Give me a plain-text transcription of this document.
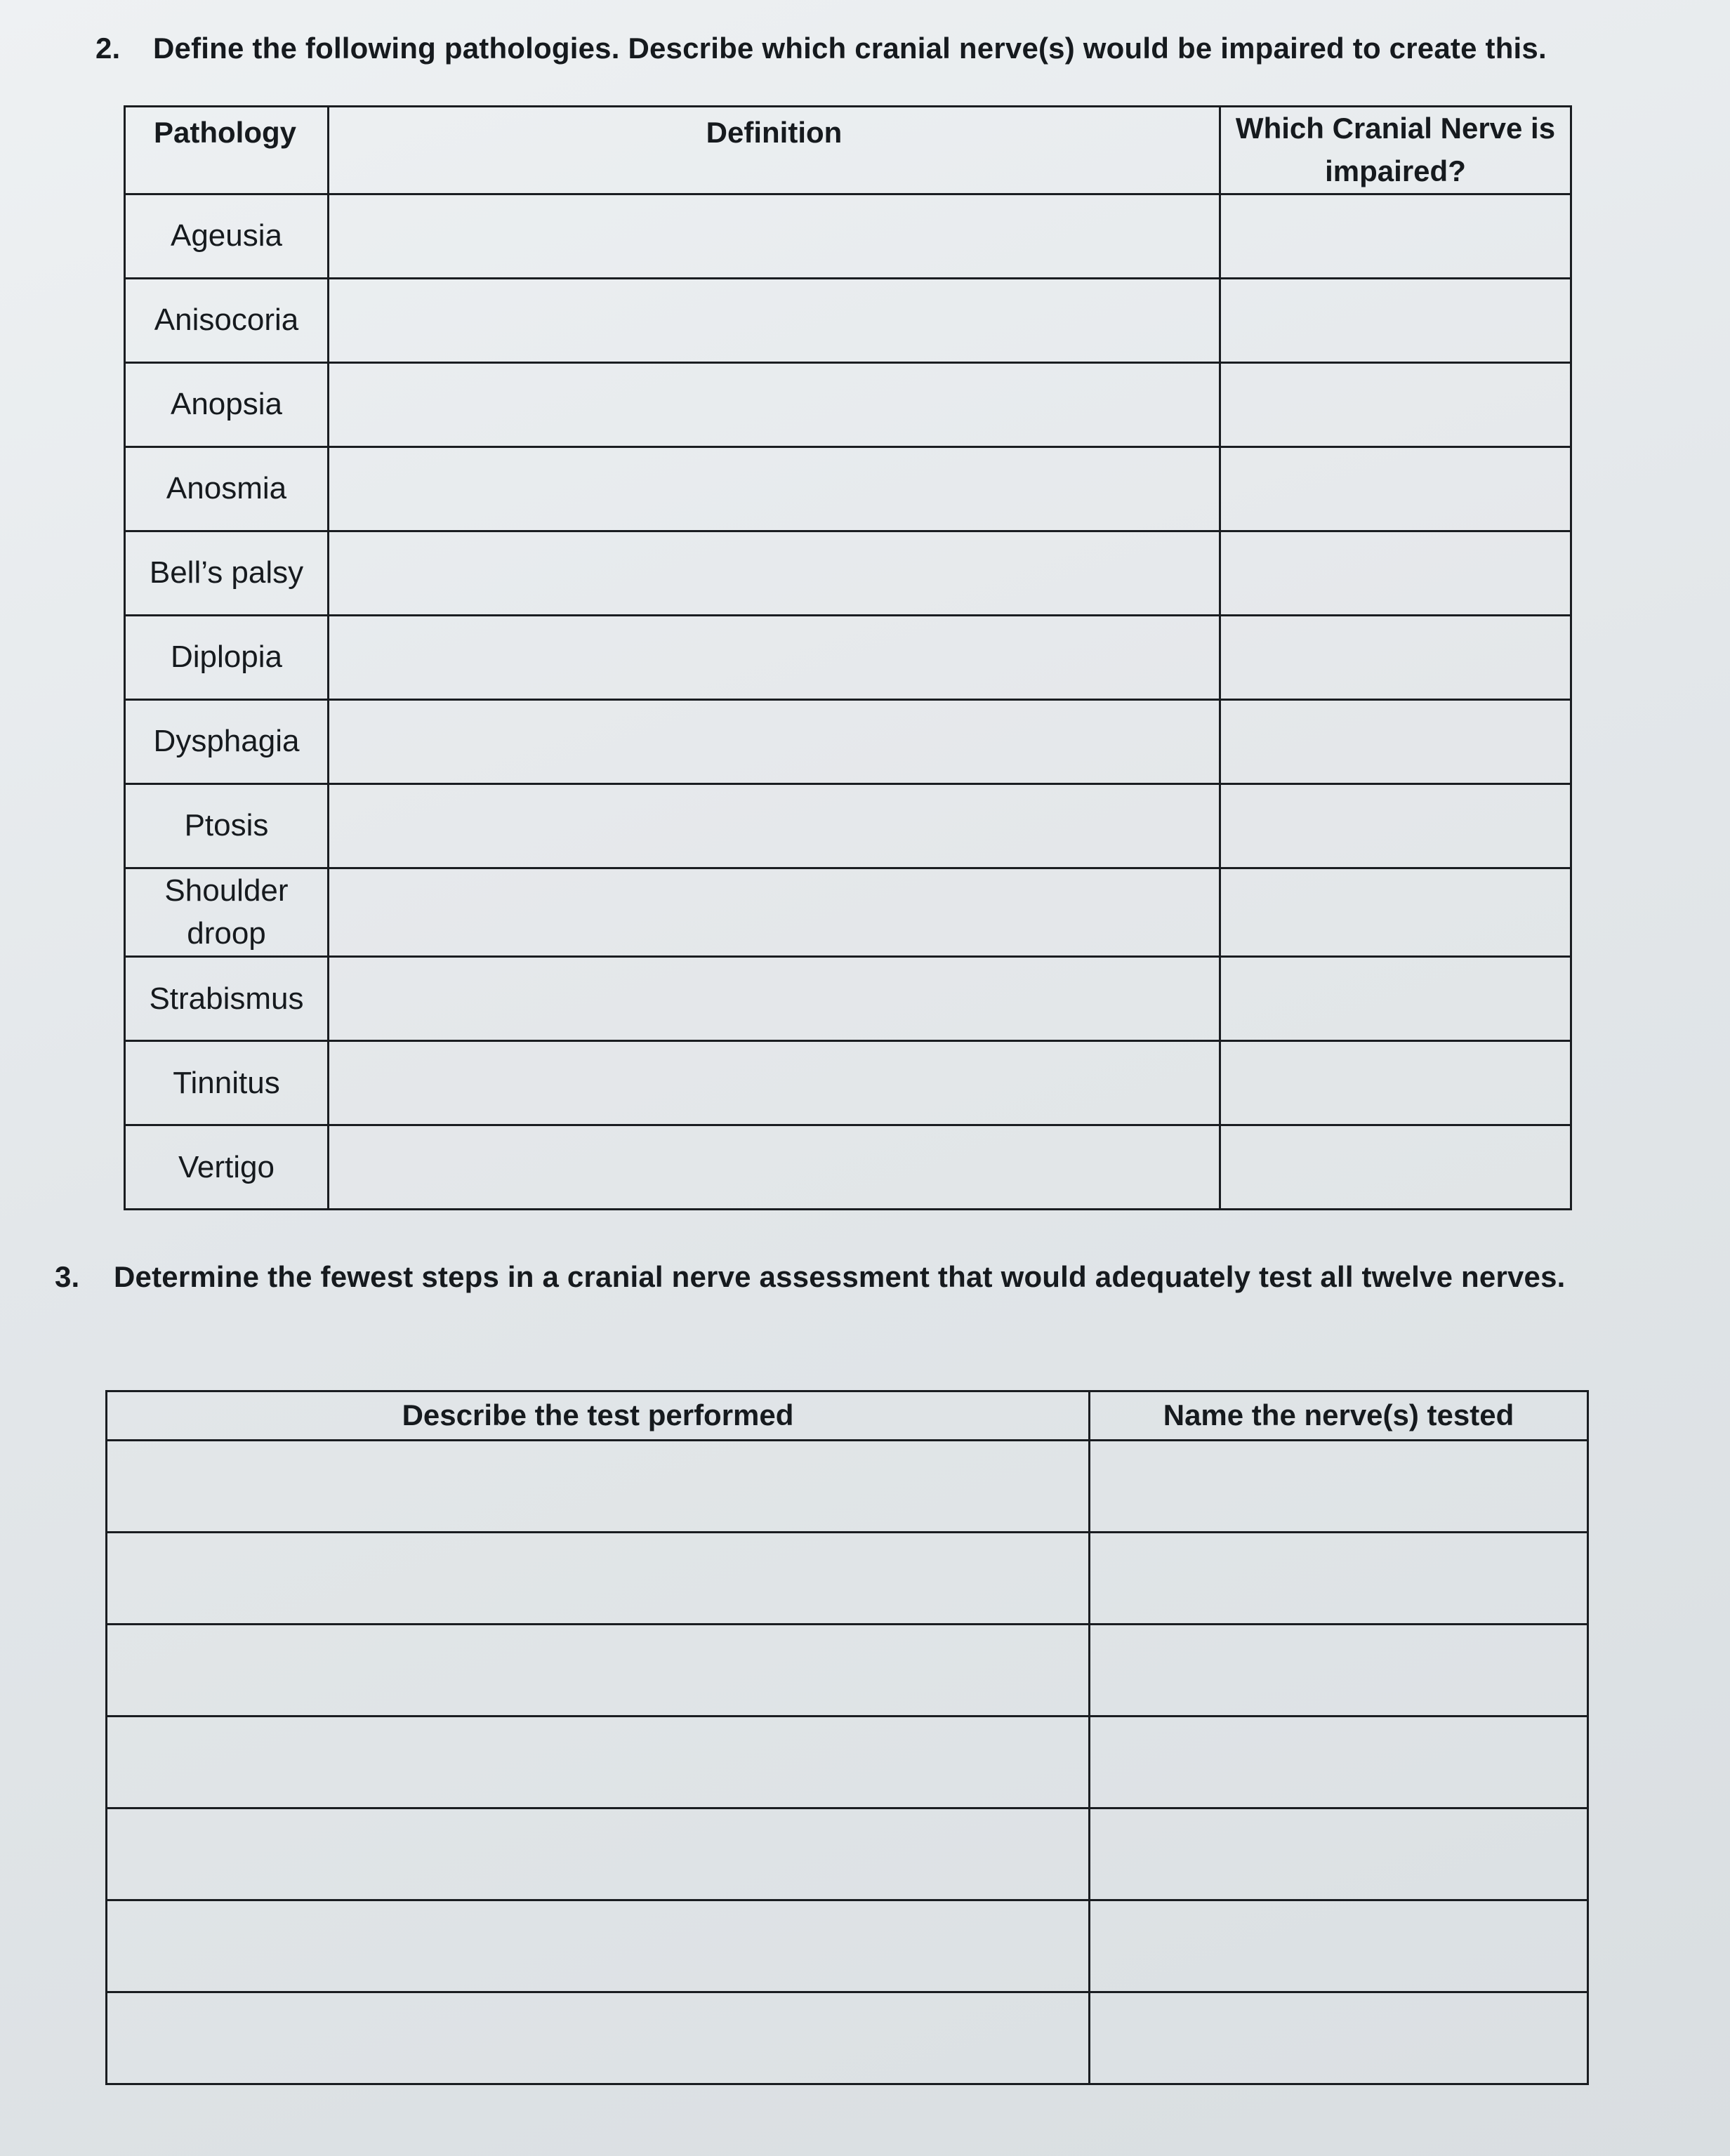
2. Define the following pathologies. Describe which cranial nerve(s) would be impaired to create this.
Pathology	Definition	Which Cranial Nerve is impaired?
Ageusia		
Anisocoria		
Anopsia		
Anosmia		
Bell’s palsy		
Diplopia		
Dysphagia		
Ptosis		
Shoulder droop		
Strabismus		
Tinnitus		
Vertigo		
3. Determine the fewest steps in a cranial nerve assessment that would adequately test all twelve nerves.
Describe the test performed	Name the nerve(s) tested
